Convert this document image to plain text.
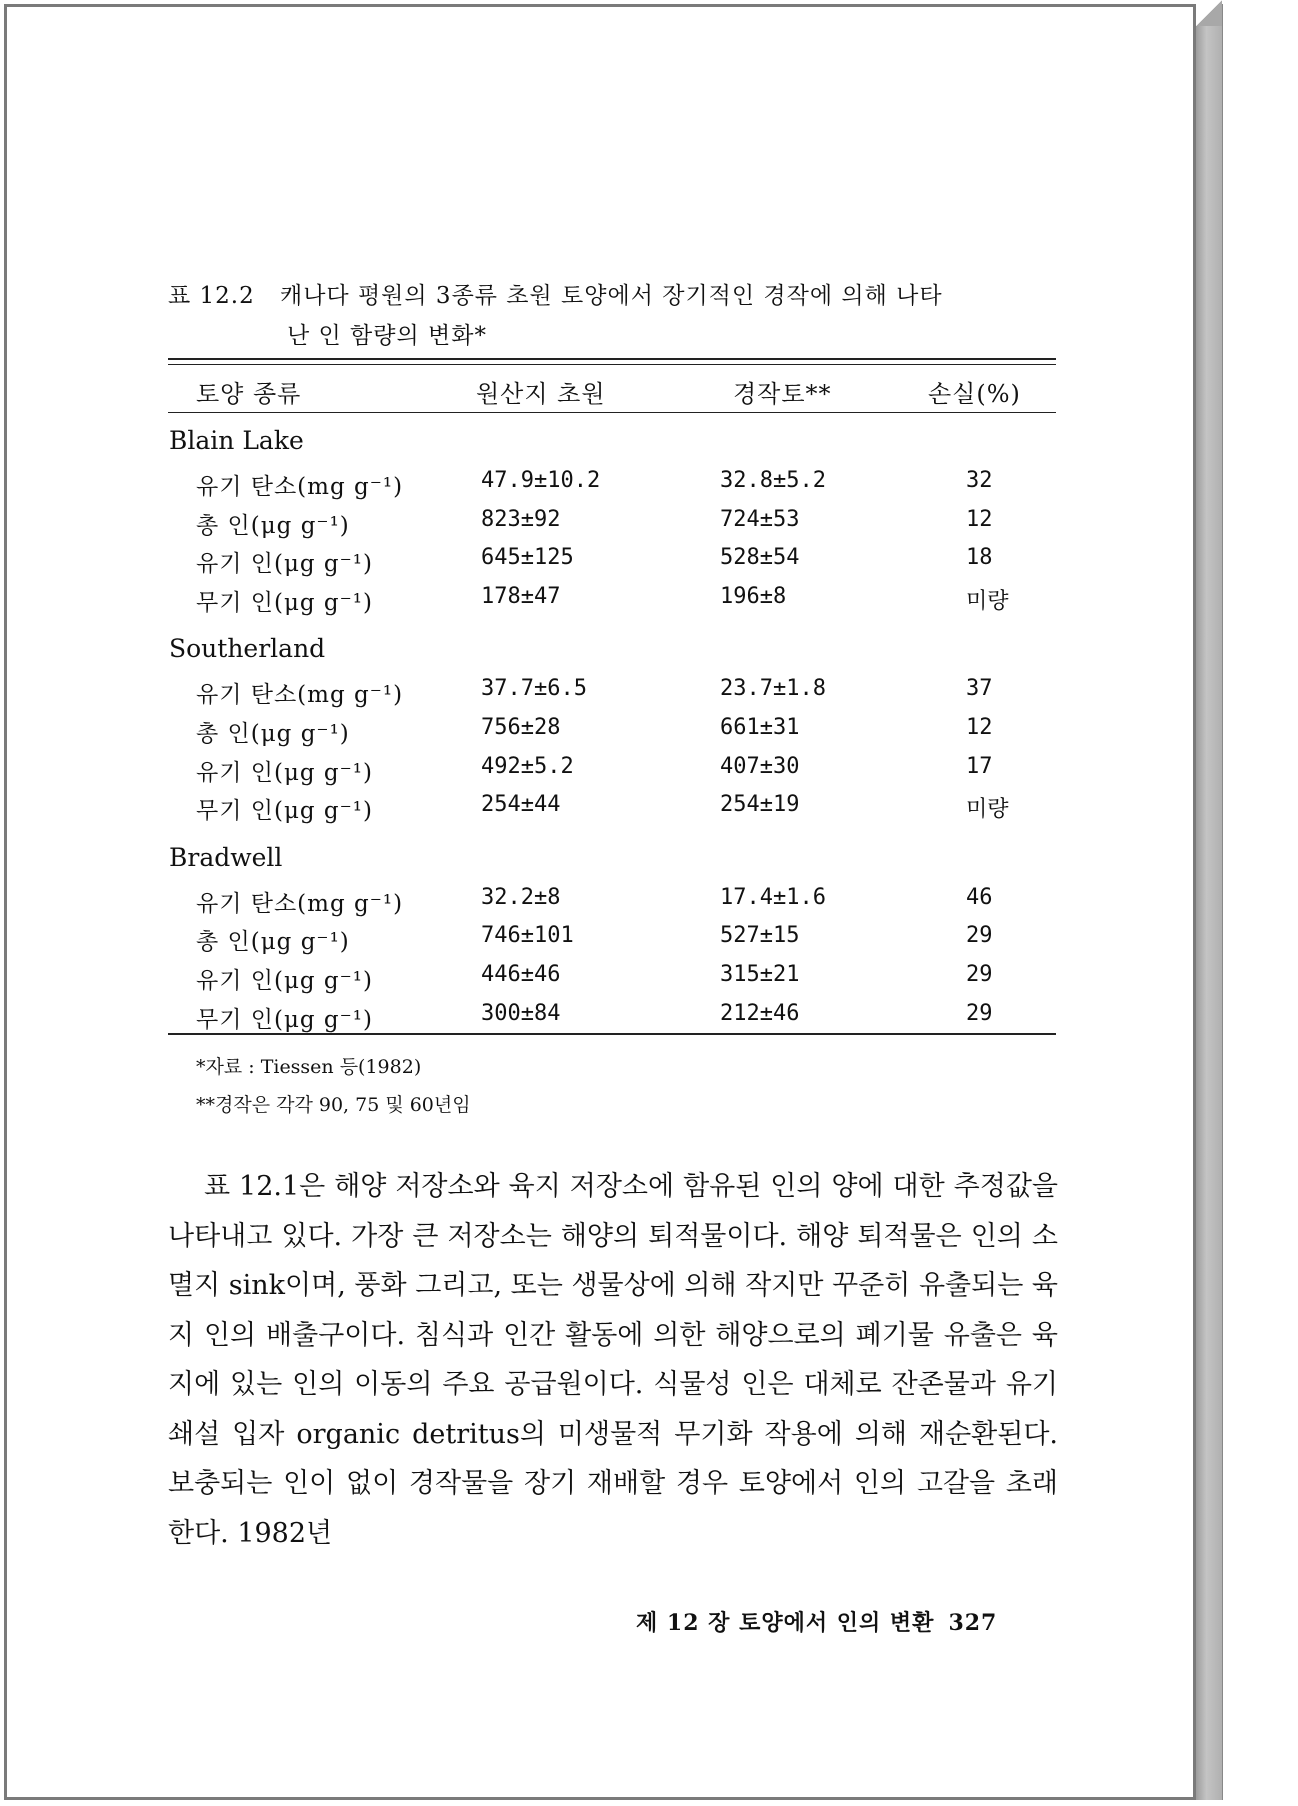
표 12.2 캐나다 평원의 3종류 초원 토양에서 장기적인 경작에 의해 나타
난 인 함량의 변화*
토양 종류	원산지 초원	경작토**	손실(%)
Blain Lake
유기 탄소(mg g⁻¹)	47.9±10.2	32.8±5.2	32
총 인(μg g⁻¹)	823±92	724±53	12
유기 인(μg g⁻¹)	645±125	528±54	18
무기 인(μg g⁻¹)	178±47	196±8	미량
Southerland
유기 탄소(mg g⁻¹)	37.7±6.5	23.7±1.8	37
총 인(μg g⁻¹)	756±28	661±31	12
유기 인(μg g⁻¹)	492±5.2	407±30	17
무기 인(μg g⁻¹)	254±44	254±19	미량
Bradwell
유기 탄소(mg g⁻¹)	32.2±8	17.4±1.6	46
총 인(μg g⁻¹)	746±101	527±15	29
유기 인(μg g⁻¹)	446±46	315±21	29
무기 인(μg g⁻¹)	300±84	212±46	29
*자료 : Tiessen 등(1982)
**경작은 각각 90, 75 및 60년임
표 12.1은 해양 저장소와 육지 저장소에 함유된 인의 양에 대한 추정값을 나타내고 있다. 가장 큰 저장소는 해양의 퇴적물이다. 해양 퇴적물은 인의 소멸지 sink이며, 풍화 그리고, 또는 생물상에 의해 작지만 꾸준히 유출되는 육지 인의 배출구이다. 침식과 인간 활동에 의한 해양으로의 폐기물 유출은 육지에 있는 인의 이동의 주요 공급원이다. 식물성 인은 대체로 잔존물과 유기 쇄설 입자 organic detritus의 미생물적 무기화 작용에 의해 재순환된다. 보충되는 인이 없이 경작물을 장기 재배할 경우 토양에서 인의 고갈을 초래한다. 1982년
제 12 장 토양에서 인의 변환 327
